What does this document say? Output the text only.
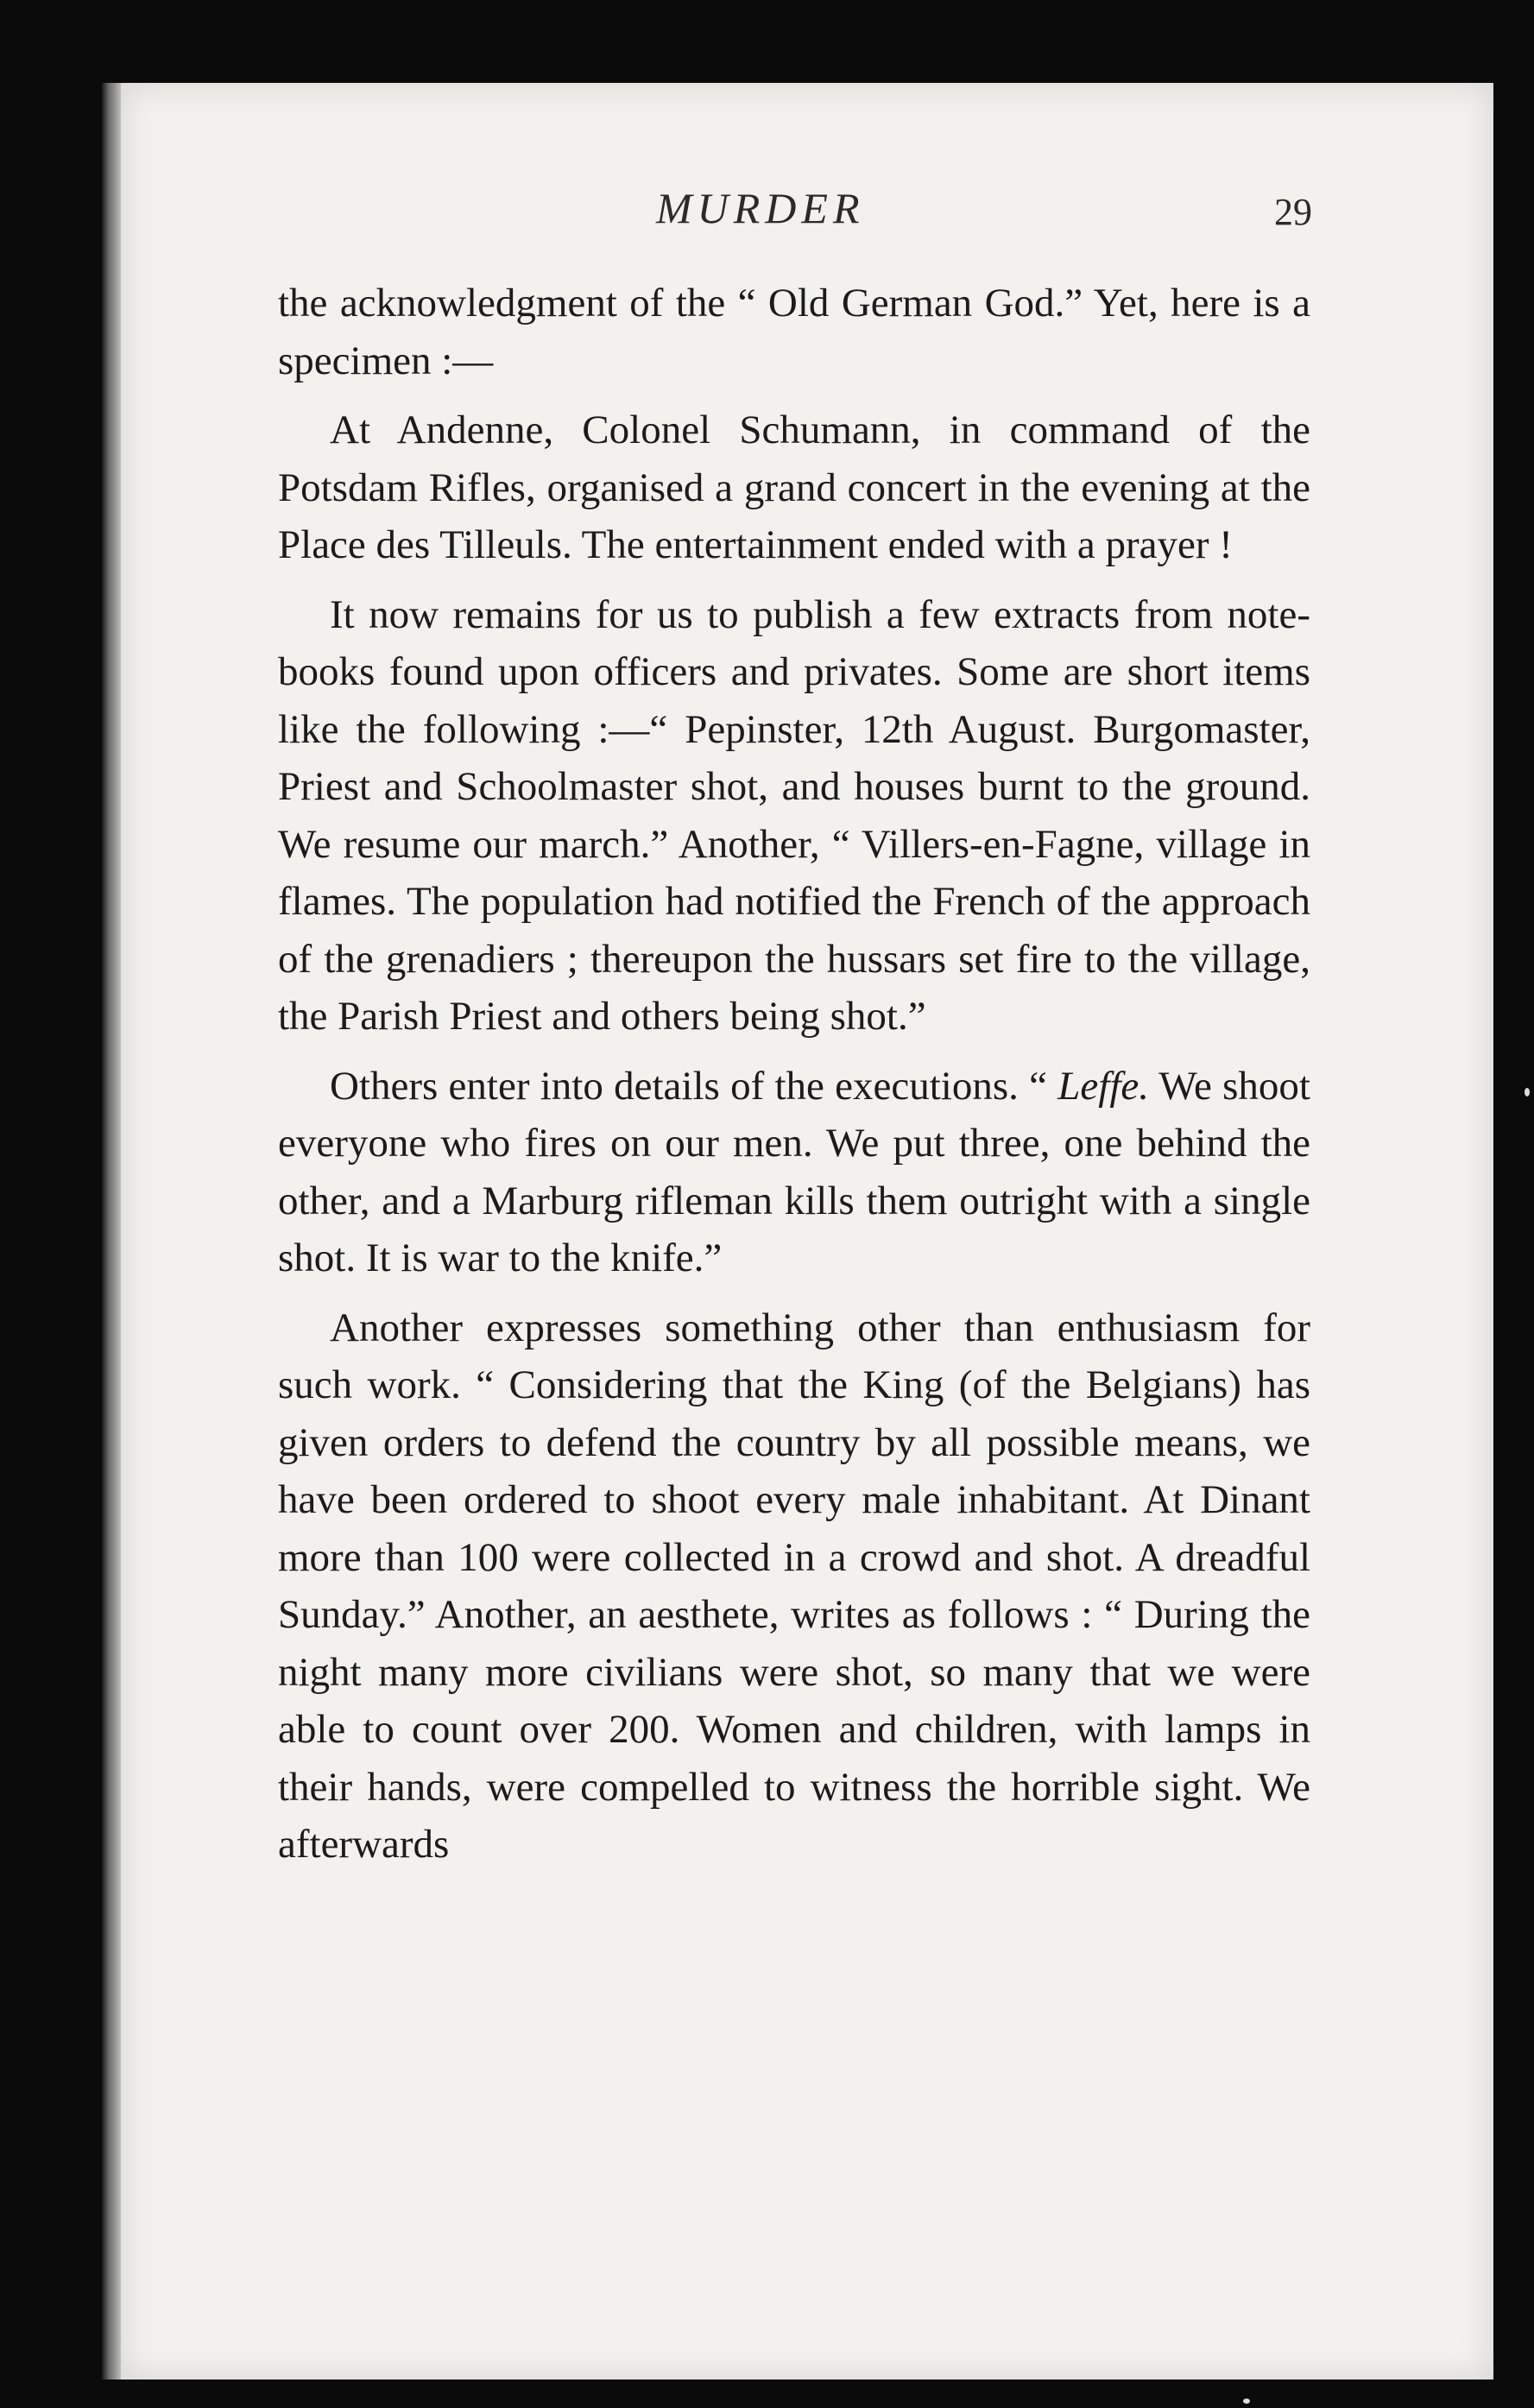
MURDER	29

the acknowledgment of the “ Old German God.” Yet, here is a specimen :—

At Andenne, Colonel Schumann, in command of the Potsdam Rifles, organised a grand concert in the evening at the Place des Tilleuls. The entertainment ended with a prayer !

It now remains for us to publish a few extracts from note-books found upon officers and privates. Some are short items like the following :—“ Pepinster, 12th August. Burgomaster, Priest and Schoolmaster shot, and houses burnt to the ground. We resume our march.” Another, “ Villers-en-Fagne, village in flames. The population had notified the French of the approach of the grenadiers ; thereupon the hussars set fire to the village, the Parish Priest and others being shot.”

Others enter into details of the executions. “ Leffe. We shoot everyone who fires on our men. We put three, one behind the other, and a Marburg rifleman kills them outright with a single shot. It is war to the knife.”

Another expresses something other than enthusiasm for such work. “ Considering that the King (of the Belgians) has given orders to defend the country by all possible means, we have been ordered to shoot every male inhabitant. At Dinant more than 100 were collected in a crowd and shot. A dreadful Sunday.” Another, an aesthete, writes as follows : “ During the night many more civilians were shot, so many that we were able to count over 200. Women and children, with lamps in their hands, were compelled to witness the horrible sight. We afterwards
